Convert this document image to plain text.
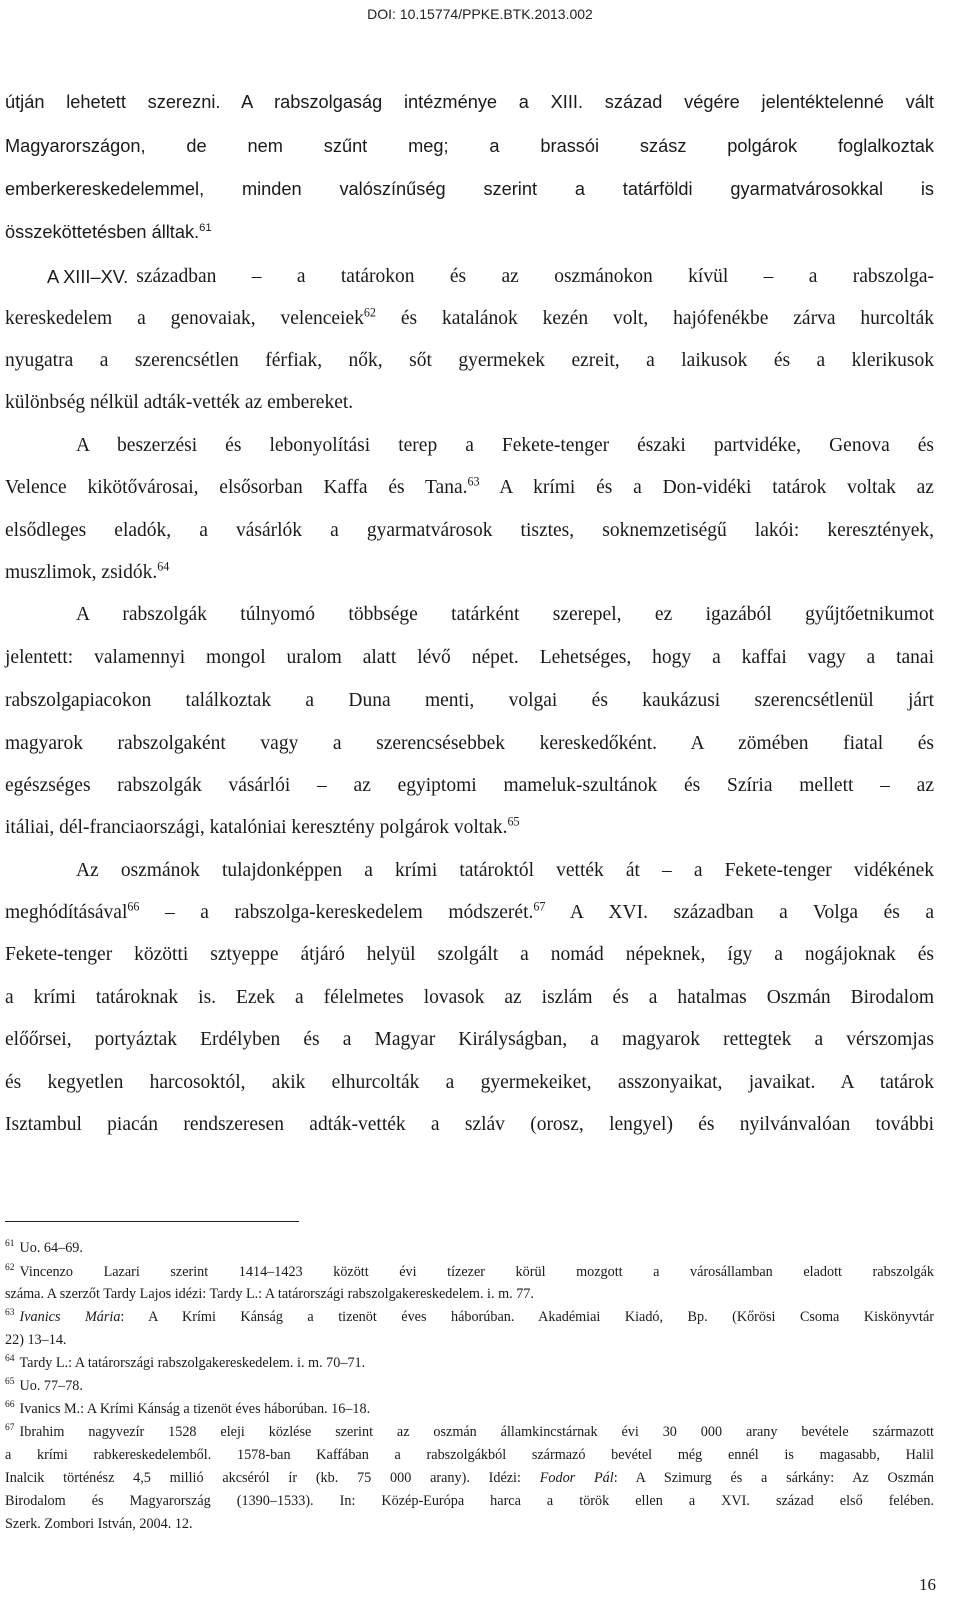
DOI: 10.15774/PPKE.BTK.2013.002
útján lehetett szerezni. A rabszolgaság intézménye a XIII. század végére jelentéktelenné vált
Magyarországon, de nem szűnt meg; a brassói szász polgárok foglalkoztak
emberkereskedelemmel, minden valószínűség szerint a tatárföldi gyarmatvárosokkal is
összeköttetésben álltak.$^{61}$
A XIII–XV. században – a tatárokon és az oszmánokon kívül – a rabszolga-
kereskedelem a genovaiak, velenceiek$^{62}$ és katalánok kezén volt, hajófenékbe zárva hurcolták
nyugatra a szerencsétlen férfiak, nők, sőt gyermekek ezreit, a laikusok és a klerikusok
különbség nélkül adták-vették az embereket.
A beszerzési és lebonyolítási terep a Fekete-tenger északi partvidéke, Genova és
Velence kikötővárosai, elsősorban Kaffa és Tana.$^{63}$ A krími és a Don-vidéki tatárok voltak az
elsődleges eladók, a vásárlók a gyarmatvárosok tisztes, soknemzetiségű lakói: keresztények,
muszlimok, zsidók.$^{64}$
A rabszolgák túlnyomó többsége tatárként szerepel, ez igazából gyűjtőetnikumot
jelentett: valamennyi mongol uralom alatt lévő népet. Lehetséges, hogy a kaffai vagy a tanai
rabszolgapiacokon találkoztak a Duna menti, volgai és kaukázusi szerencsétlenül járt
magyarok rabszolgaként vagy a szerencsésebbek kereskedőként. A zömében fiatal és
egészséges rabszolgák vásárlói – az egyiptomi mameluk-szultánok és Szíria mellett – az
itáliai, dél-franciaországi, katalóniai keresztény polgárok voltak.$^{65}$
Az oszmánok tulajdonképpen a krími tatároktól vették át – a Fekete-tenger vidékének
meghódításával$^{66}$ – a rabszolga-kereskedelem módszerét.$^{67}$ A XVI. században a Volga és a
Fekete-tenger közötti sztyeppe átjáró helyül szolgált a nomád népeknek, így a nogájoknak és
a krími tatároknak is. Ezek a félelmetes lovasok az iszlám és a hatalmas Oszmán Birodalom
előőrsei, portyáztak Erdélyben és a Magyar Királyságban, a magyarok rettegtek a vérszomjas
és kegyetlen harcosoktól, akik elhurcolták a gyermekeiket, asszonyaikat, javaikat. A tatárok
Isztambul piacán rendszeresen adták-vették a szláv (orosz, lengyel) és nyilvánvalóan további
$^{61}$ Uo. 64–69.
$^{62}$ Vincenzo Lazari szerint 1414–1423 között évi tízezer körül mozgott a városállamban eladott rabszolgák
száma. A szerzőt Tardy Lajos idézi: Tardy L.: A tatárországi rabszolgakereskedelem. i. m. 77.
$^{63}$ Ivanics Mária: A Krími Kánság a tizenöt éves háborúban. Akadémiai Kiadó, Bp. (Kőrösi Csoma Kiskönyvtár
22) 13–14.
$^{64}$ Tardy L.: A tatárországi rabszolgakereskedelem. i. m. 70–71.
$^{65}$ Uo. 77–78.
$^{66}$ Ivanics M.: A Krími Kánság a tizenöt éves háborúban. 16–18.
$^{67}$ Ibrahim nagyvezír 1528 eleji közlése szerint az oszmán államkincstárnak évi 30 000 arany bevétele származott
a krími rabkereskedelemből. 1578-ban Kaffában a rabszolgákból származó bevétel még ennél is magasabb, Halil
Inalcik történész 4,5 millió akcséról ír (kb. 75 000 arany). Idézi: Fodor Pál: A Szimurg és a sárkány: Az Oszmán
Birodalom és Magyarország (1390–1533). In: Közép-Európa harca a török ellen a XVI. század első felében.
Szerk. Zombori István, 2004. 12.
16
